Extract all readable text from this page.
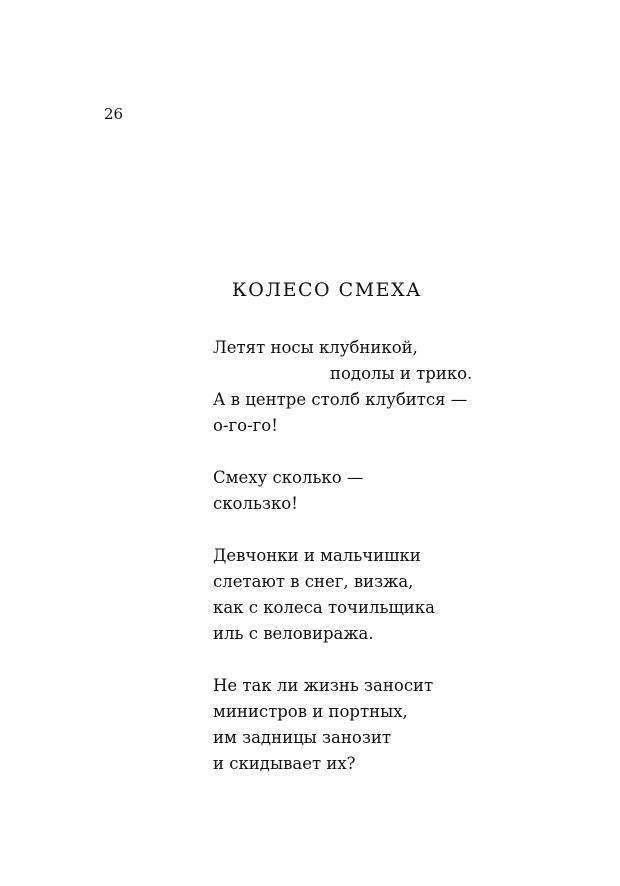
26
КОЛЕСО СМЕХА
Летят носы клубникой,
подолы и трико.
А в центре столб клубится —
о-го-го!
Смеху сколько —
скользко!
Девчонки и мальчишки
слетают в снег, визжа,
как с колеса точильщика
иль с веловиража.
Не так ли жизнь заносит
министров и портных,
им задницы занозит
и скидывает их?
